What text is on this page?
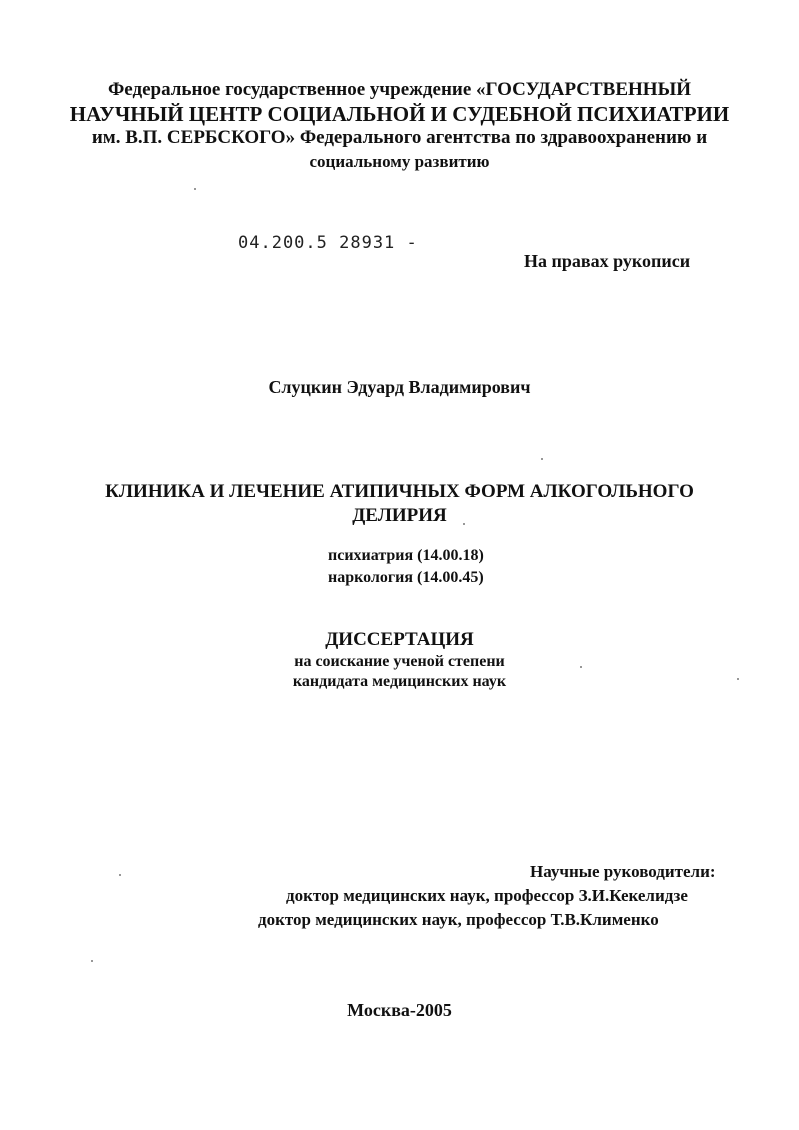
Федеральное государственное учреждение «ГОСУДАРСТВЕННЫЙ
НАУЧНЫЙ ЦЕНТР СОЦИАЛЬНОЙ И СУДЕБНОЙ ПСИХИАТРИИ
им. В.П. СЕРБСКОГО» Федерального агентства по здравоохранению и
социальному развитию
04.200.5 28931 -
На правах рукописи
Слуцкин Эдуард Владимирович
КЛИНИКА И ЛЕЧЕНИЕ АТИПИЧНЫХ ФОРМ АЛКОГОЛЬНОГО
ДЕЛИРИЯ
психиатрия (14.00.18)
наркология (14.00.45)
ДИССЕРТАЦИЯ
на соискание ученой степени
кандидата медицинских наук
Научные руководители:
доктор медицинских наук, профессор З.И.Кекелидзе
доктор медицинских наук, профессор Т.В.Клименко
Москва-2005
